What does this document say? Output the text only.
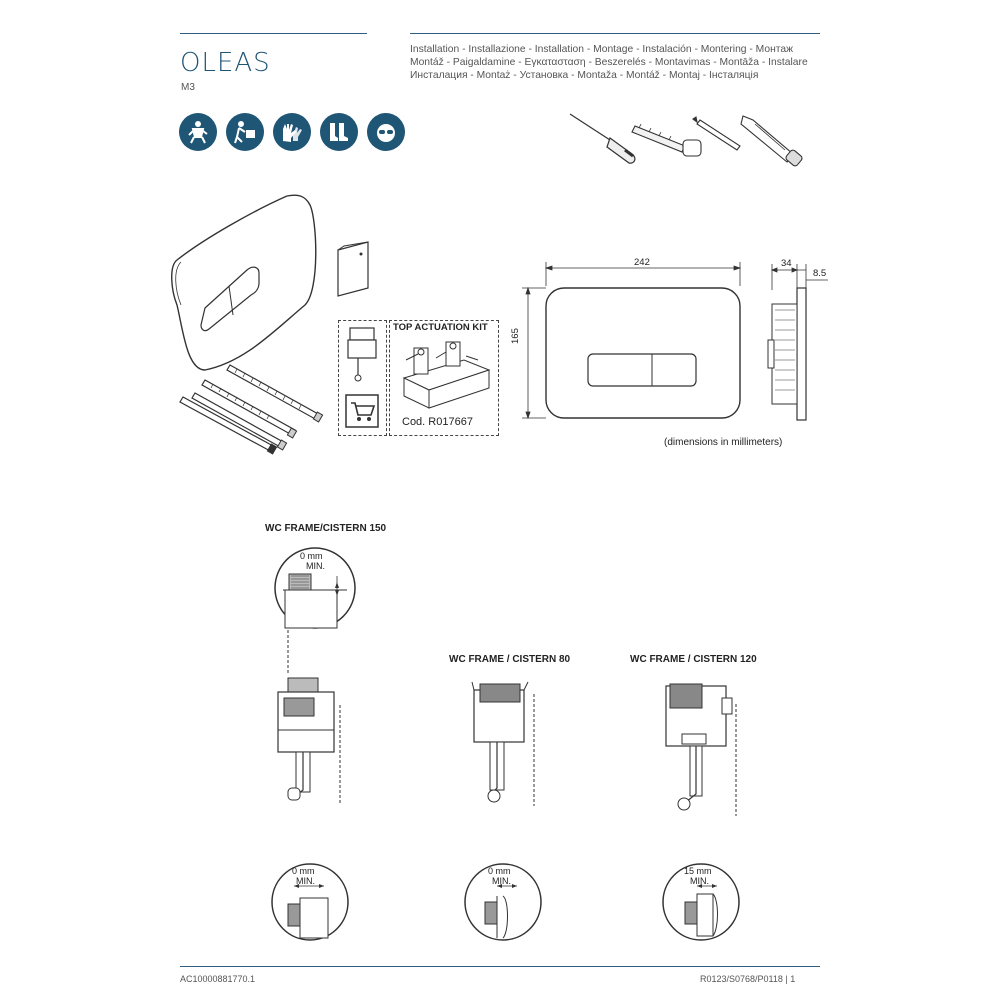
OLEAS
M3
Installation - Installazione - Installation - Montage - Instalación - Montering - Монтаж
Montáž - Paigaldamine - Εγκατασταση - Beszerelés - Montavimas - Montāža - Instalare
Инсталация - Montaż - Установка - Montaža - Montáž - Montaj - Інсталяція
TOP ACTUATION KIT
Cod. R017667
242
165
34
8.5
(dimensions in millimeters)
WC FRAME/CISTERN 150
0 mm
MIN.
0 mm
MIN.
WC FRAME / CISTERN 80
0 mm
MIN.
WC FRAME / CISTERN 120
15 mm
MIN.
AC10000881770.1	R0123/S0768/P0118 | 1
